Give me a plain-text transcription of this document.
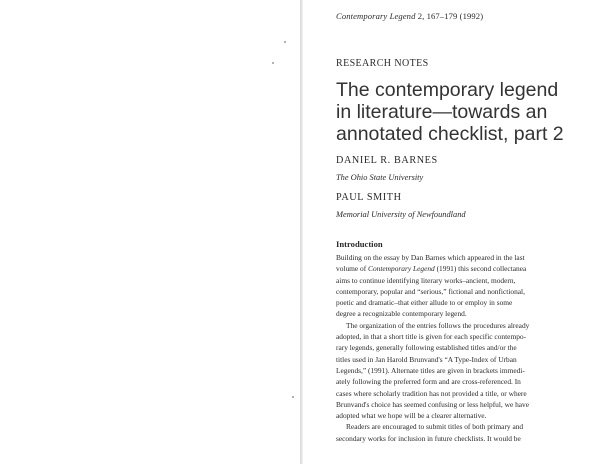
Contemporary Legend 2, 167–179 (1992)
RESEARCH NOTES
The contemporary legend
in literature—towards an
annotated checklist, part 2
DANIEL R. BARNES
The Ohio State University
PAUL SMITH
Memorial University of Newfoundland
Introduction
Building on the essay by Dan Barnes which appeared in the last
volume of Contemporary Legend (1991) this second collectanea
aims to continue identifying literary works–ancient, modern,
contemporary, popular and “serious,” fictional and nonfictional,
poetic and dramatic–that either allude to or employ in some
degree a recognizable contemporary legend.
The organization of the entries follows the procedures already
adopted, in that a short title is given for each specific contempo-
rary legends, generally following established titles and/or the
titles used in Jan Harold Brunvand's “A Type-Index of Urban
Legends,” (1991). Alternate titles are given in brackets immedi-
ately following the preferred form and are cross-referenced. In
cases where scholarly tradition has not provided a title, or where
Brunvand's choice has seemed confusing or less helpful, we have
adopted what we hope will be a clearer alternative.
Readers are encouraged to submit titles of both primary and
secondary works for inclusion in future checklists. It would be
